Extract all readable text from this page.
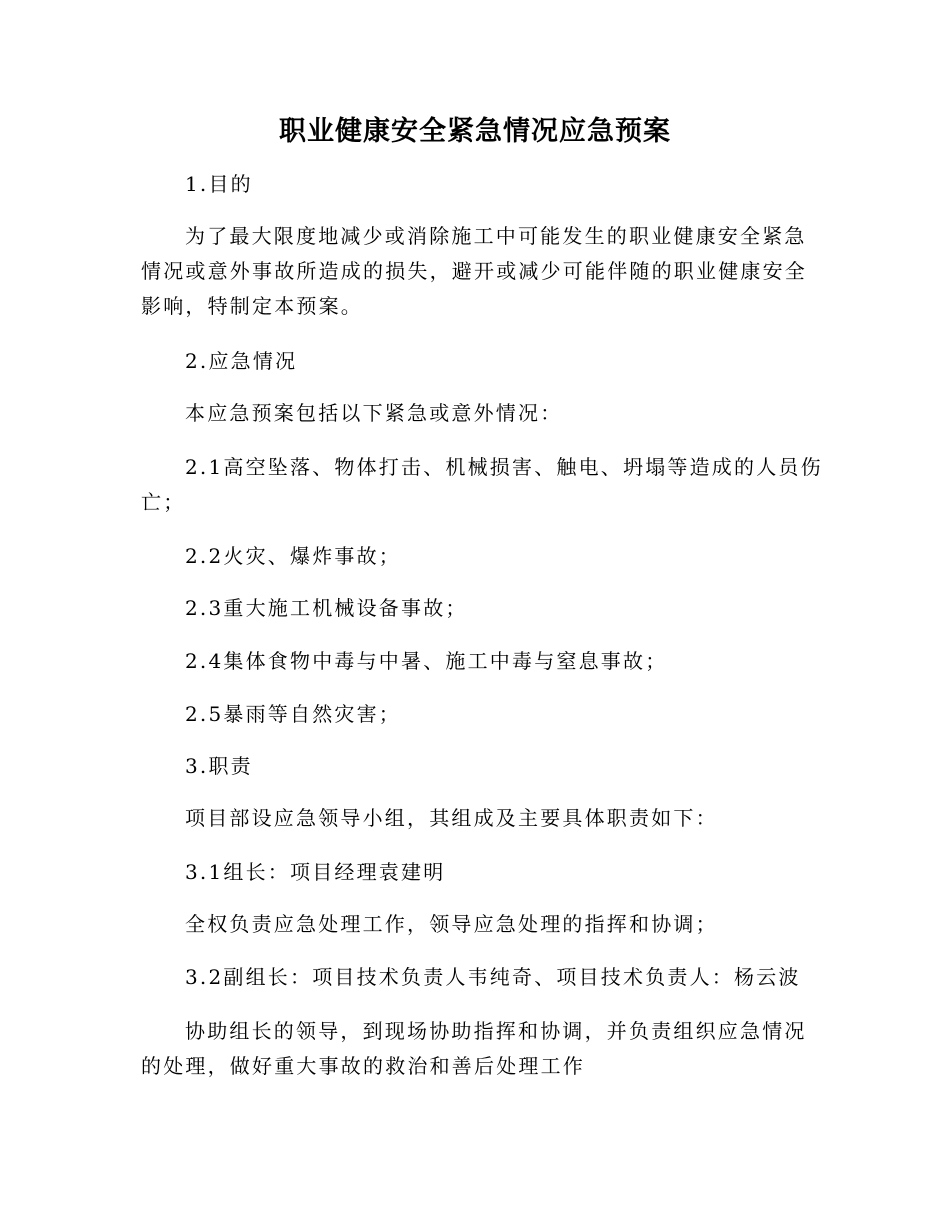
职业健康安全紧急情况应急预案

1.目的

为了最大限度地减少或消除施工中可能发生的职业健康安全紧急
情况或意外事故所造成的损失，避开或减少可能伴随的职业健康安全
影响，特制定本预案。

2.应急情况

本应急预案包括以下紧急或意外情况：

2.1高空坠落、物体打击、机械损害、触电、坍塌等造成的人员伤
亡；

2.2火灾、爆炸事故；

2.3重大施工机械设备事故；

2.4集体食物中毒与中暑、施工中毒与窒息事故；

2.5暴雨等自然灾害；

3.职责

项目部设应急领导小组，其组成及主要具体职责如下：

3.1组长：项目经理袁建明

全权负责应急处理工作，领导应急处理的指挥和协调；

3.2副组长：项目技术负责人韦纯奇、项目技术负责人：杨云波

协助组长的领导，到现场协助指挥和协调，并负责组织应急情况
的处理，做好重大事故的救治和善后处理工作
